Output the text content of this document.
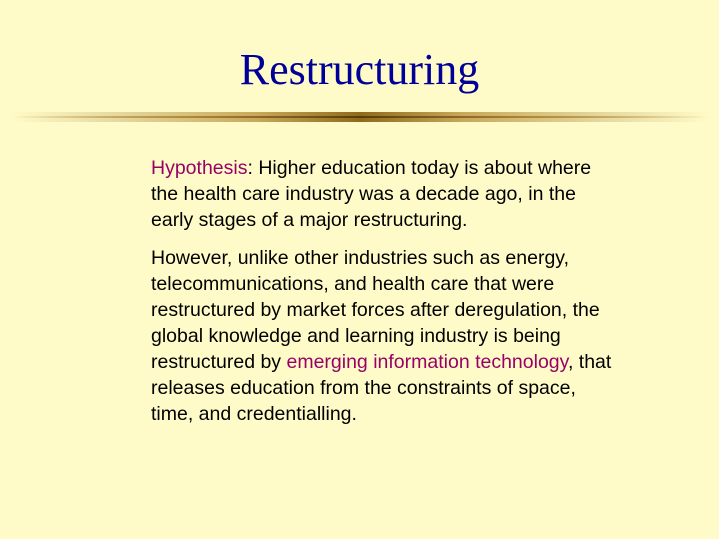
Restructuring

Hypothesis: Higher education today is about where the health care industry was a decade ago, in the early stages of a major restructuring.

However, unlike other industries such as energy, telecommunications, and health care that were restructured by market forces after deregulation, the global knowledge and learning industry is being restructured by emerging information technology, that releases education from the constraints of space, time, and credentialling.
